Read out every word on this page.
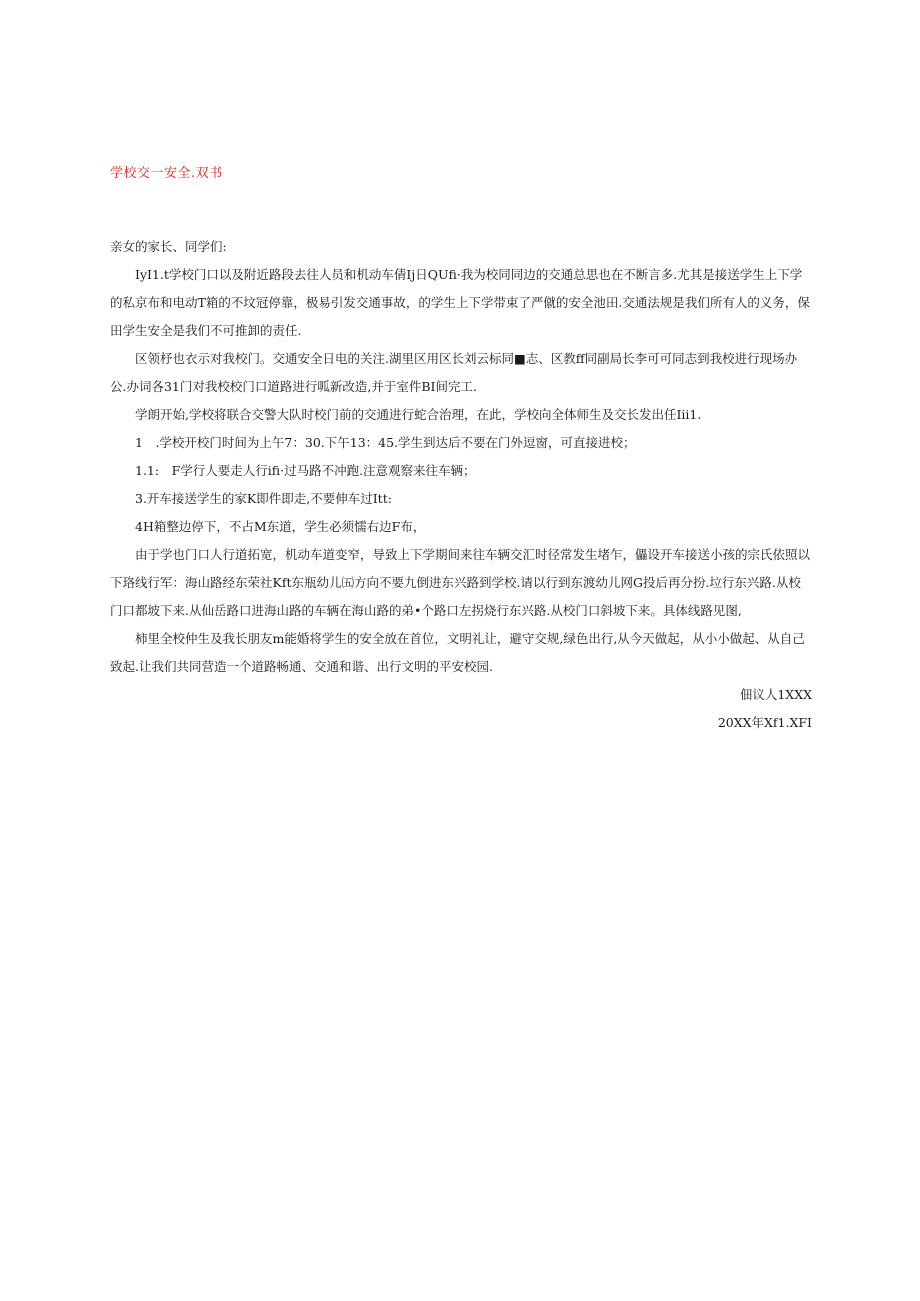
学校交一安全.双书

亲女的家长、同学们:

IyI1.t学校门口以及附近路段去往人员和机动车倩Ij日QUfi·我为校同同边的交通总思也在不断言多.尤其是接送学生上下学的私京布和电动T箱的不坟冠停靠，极易引发交通事故，的学生上下学带束了严僦的安全池田.交通法规是我们所有人的义务，保田学生安全是我们不可推卸的责任.

区领杼也衣示对我校门。交通安全日电的关注.湖里区用区长刘云标同■志、区教ff同副局长李可可同志到我校进行现场办公.办词各31门对我校校门口道路进行呱新改造,并于室件BI间完工.

学朗开始,学校将联合交警大队时校门前的交通进行蛇合治理，在此，学校向全体师生及交长发出任Iii1.

1　.学校开校门时间为上午7：30.下午13：45.学生到达后不要在门外逗窗，可直接进校；

1.1:　F学行人要走人行ifi·过马路不冲跑.注意观察来往车辆；

3.开车接送学生的家K即件即走,不要伸车过Itt:

4H箱整边停下，不占M东道，学生必须懦右边F布，

由于学也门口人行道拓宽，机动车道变窄，导致上下学期间来往车辆交汇时径常发生堵乍，儡设开车接送小孩的宗氏依照以下珞线行军：海山路经东荣社Kft东瓶幼儿㈤方向不要九倒进东兴路到学校.请以行到东渡幼儿网G投后再分扮.垃行东兴路.从校门口都坡下来.从仙岳路口进海山路的车辆在海山路的弟•个路口左拐烧行东兴路.从校门口斜坡下来。具体线路见图,

柿里全校仲生及我长朋友m能婚将学生的安全放在首位，文明礼让，避守交规,绿色出行,从今天做起，从小小做起、从自己致起.让我们共同营造一个道路畅通、交通和谐、出行文明的平安校园.

佃议人1XXX

20XX年Xf1.XFI
